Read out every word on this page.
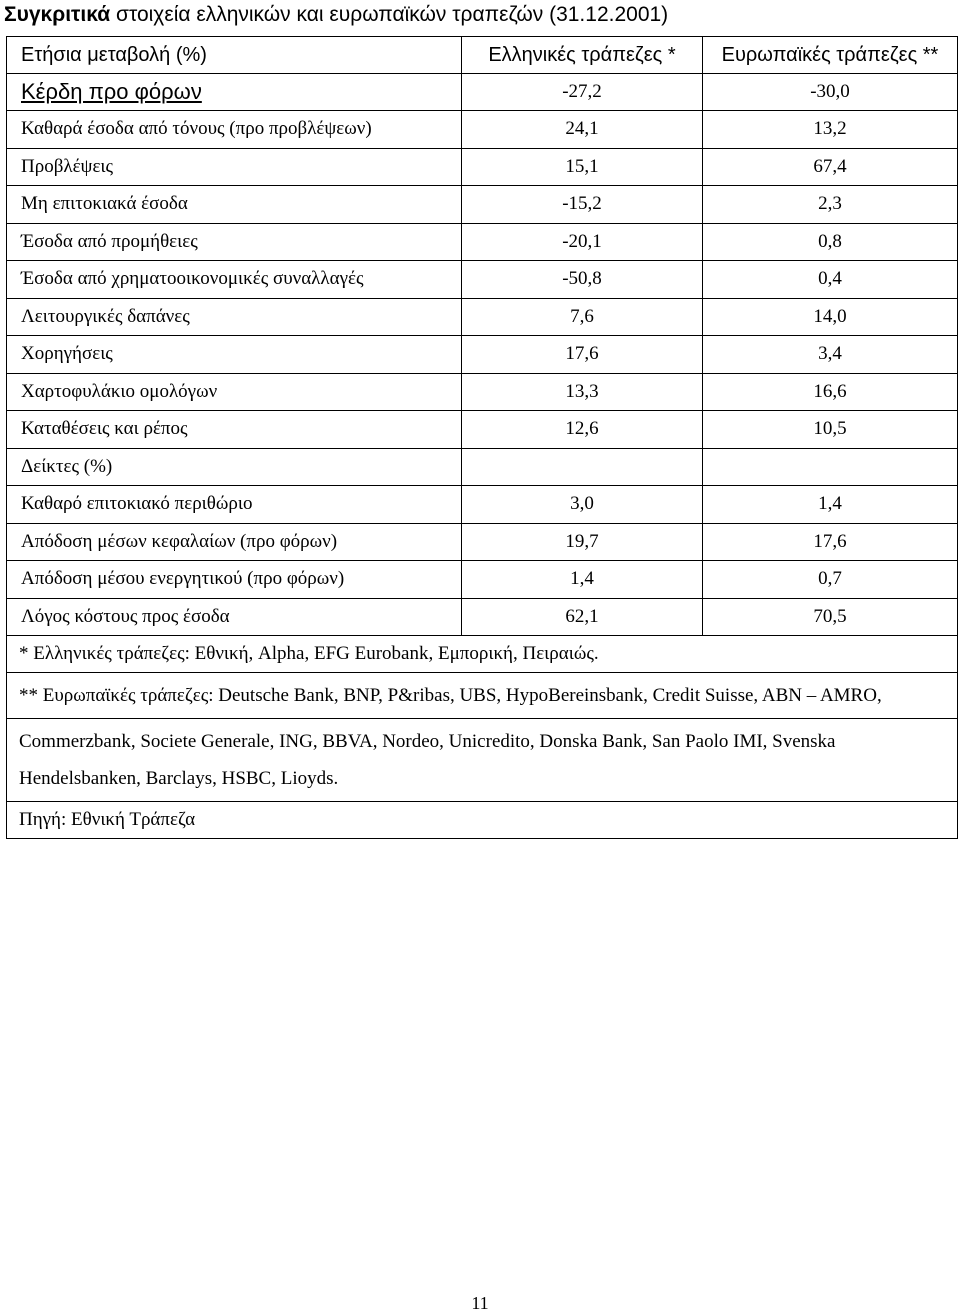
Συγκριτικά στοιχεία ελληνικών και ευρωπαϊκών τραπεζών (31.12.2001)
Ετήσια μεταβολή (%)	Ελληνικές τράπεζες *	Ευρωπαϊκές τράπεζες **
Κέρδη προ φόρων	-27,2	-30,0
Καθαρά έσοδα από τόνους (προ προβλέψεων)	24,1	13,2
Προβλέψεις	15,1	67,4
Μη επιτοκιακά έσοδα	-15,2	2,3
Έσοδα από προμήθειες	-20,1	0,8
Έσοδα από χρηματοοικονομικές συναλλαγές	-50,8	0,4
Λειτουργικές δαπάνες	7,6	14,0
Χορηγήσεις	17,6	3,4
Χαρτοφυλάκιο ομολόγων	13,3	16,6
Καταθέσεις και ρέπος	12,6	10,5
Δείκτες (%)		
Καθαρό επιτοκιακό περιθώριο	3,0	1,4
Απόδοση μέσων κεφαλαίων (προ φόρων)	19,7	17,6
Απόδοση μέσου ενεργητικού (προ φόρων)	1,4	0,7
Λόγος κόστους προς έσοδα	62,1	70,5
* Ελληνικές τράπεζες: Εθνική, Alpha, EFG Eurobank, Εμπορική, Πειραιώς.		
** Ευρωπαϊκές τράπεζες: Deutsche Bank, BNP, P&ribas, UBS, HypoBereinsbank, Credit Suisse, ABN – AMRO,		
Commerzbank, Societe Generale, ING, BBVA, Nordeo, Unicredito, Donska Bank, San Paolo IMI, Svenska Hendelsbanken, Barclays, HSBC, Lioyds.		
Πηγή: Εθνική Τράπεζα		
11
